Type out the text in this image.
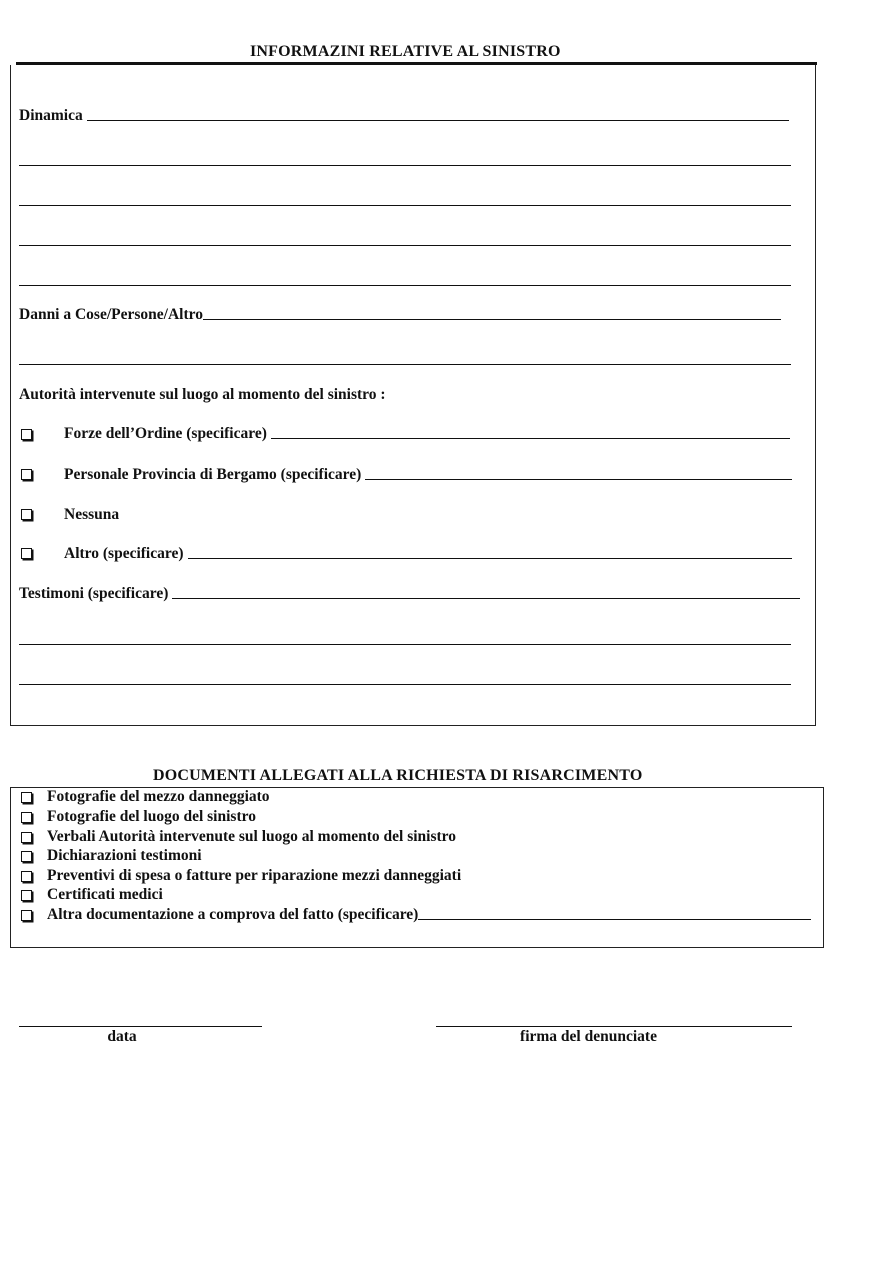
INFORMAZINI RELATIVE AL SINISTRO
Dinamica
Danni a Cose/Persone/Altro
Autorità intervenute sul luogo al momento del sinistro :
Forze dell’Ordine (specificare)
Personale Provincia di Bergamo (specificare)
Nessuna
Altro (specificare)
Testimoni (specificare)
DOCUMENTI ALLEGATI ALLA RICHIESTA DI RISARCIMENTO
Fotografie del mezzo danneggiato
Fotografie del luogo del sinistro
Verbali Autorità intervenute sul luogo al momento del sinistro
Dichiarazioni testimoni
Preventivi di spesa o fatture per riparazione mezzi danneggiati
Certificati medici
Altra documentazione a comprova del fatto (specificare)
data	firma del denunciate
